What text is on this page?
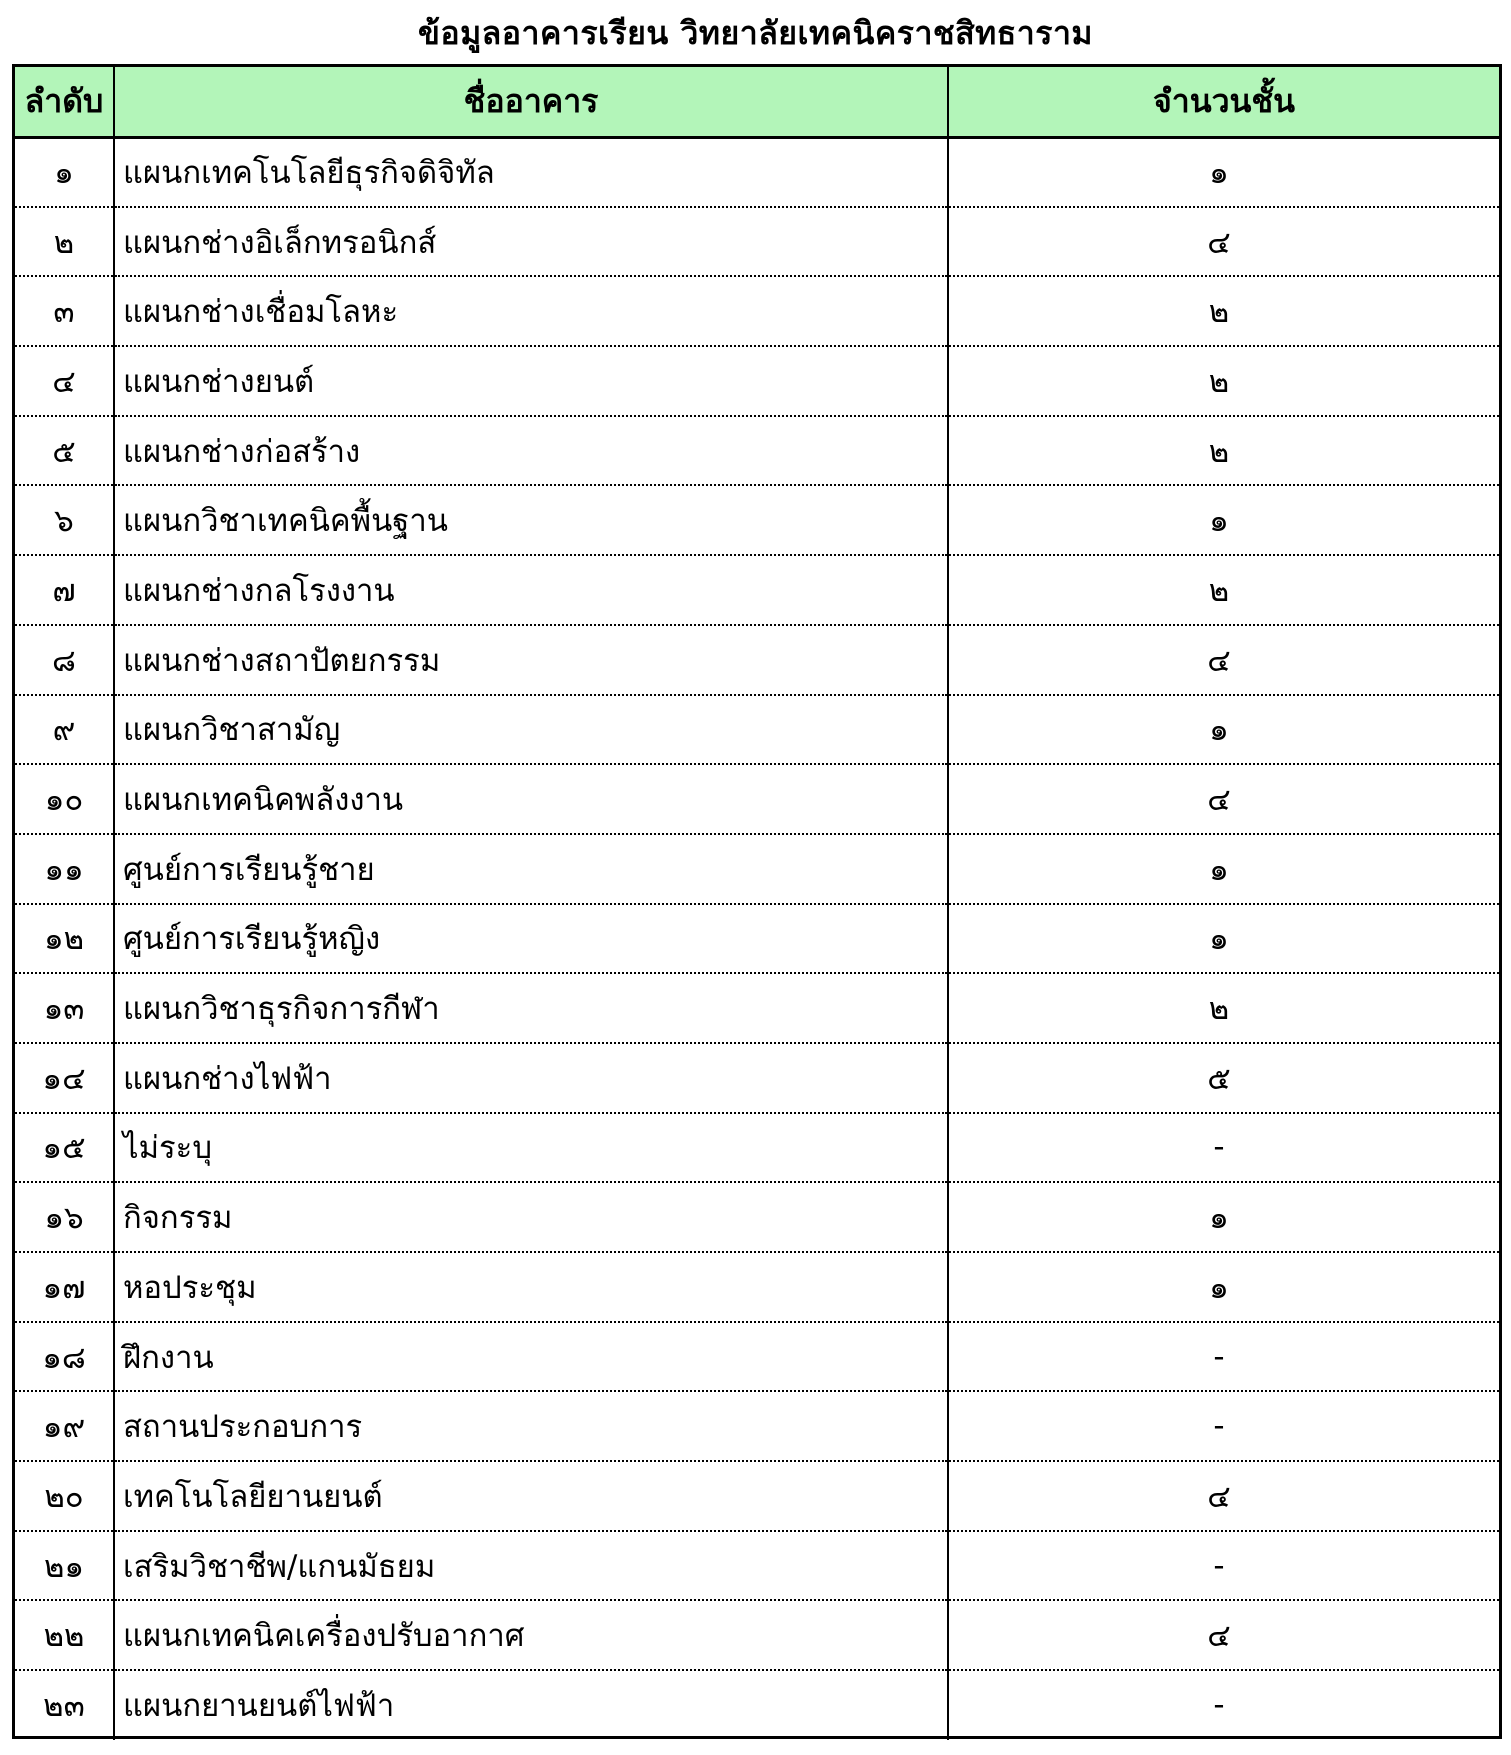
ข้อมูลอาคารเรียน วิทยาลัยเทคนิคราชสิทธาราม
ลำดับ	ชื่ออาคาร	จำนวนชั้น
๑	แผนกเทคโนโลยีธุรกิจดิจิทัล	๑
๒	แผนกช่างอิเล็กทรอนิกส์	๔
๓	แผนกช่างเชื่อมโลหะ	๒
๔	แผนกช่างยนต์	๒
๕	แผนกช่างก่อสร้าง	๒
๖	แผนกวิชาเทคนิคพื้นฐาน	๑
๗	แผนกช่างกลโรงงาน	๒
๘	แผนกช่างสถาปัตยกรรม	๔
๙	แผนกวิชาสามัญ	๑
๑๐	แผนกเทคนิคพลังงาน	๔
๑๑	ศูนย์การเรียนรู้ชาย	๑
๑๒	ศูนย์การเรียนรู้หญิง	๑
๑๓	แผนกวิชาธุรกิจการกีฬา	๒
๑๔	แผนกช่างไฟฟ้า	๕
๑๕	ไม่ระบุ	-
๑๖	กิจกรรม	๑
๑๗	หอประชุม	๑
๑๘	ฝึกงาน	-
๑๙	สถานประกอบการ	-
๒๐	เทคโนโลยียานยนต์	๔
๒๑	เสริมวิชาชีพ/แกนมัธยม	-
๒๒	แผนกเทคนิคเครื่องปรับอากาศ	๔
๒๓	แผนกยานยนต์ไฟฟ้า	-
